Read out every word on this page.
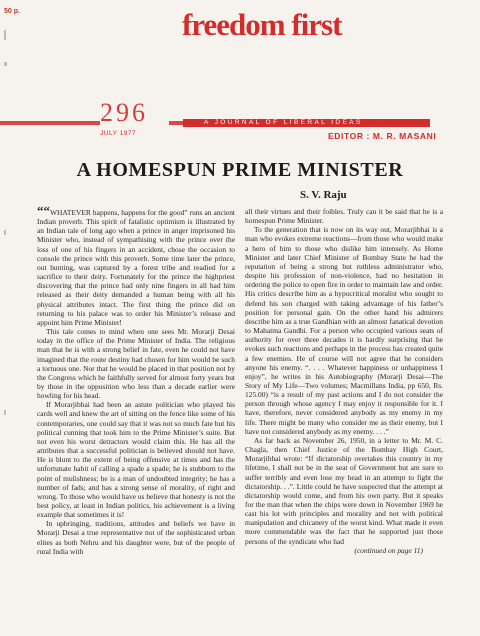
50 p.	freedom first
296	A JOURNAL OF LIBERAL IDEAS
JULY 1977	EDITOR : M. R. MASANI
A HOMESPUN PRIME MINISTER
S. V. Raju

““WHATEVER happens, happens for the good” runs an ancient Indian proverb. This spirit of fatalistic optimism is illustrated by an Indian tale of long ago when a prince in anger imprisoned his Minister who, instead of sympathising with the prince over the loss of one of his fingers in an accident, chose the occasion to console the prince with this proverb. Some time later the prince, out hunting, was captured by a forest tribe and readied for a sacrifice to their deity. Fortunately for the prince the highpriest discovering that the prince had only nine fingers in all had him released as their deity demanded a human being with all his physical attributes intact. The first thing the prince did on returning to his palace was to order his Minister’s release and appoint him Prime Minister!

This tale comes to mind when one sees Mr. Morarji Desai today in the office of the Prime Minister of India. The religious man that he is with a strong belief in fate, even he could not have imagined that the route destiny had chosen for him would be such a tortuous one. Nor that he would be placed in that position not by the Congress which he faithfully served for almost forty years but by those in the opposition who less than a decade earlier were howling for his head.

If Morarjibhai had been an astute politician who played his cards well and knew the art of sitting on the fence like some of his contemporaries, one could say that it was not so much fate but his political cunning that took him to the Prime Minister’s suite. But not even his worst detractors would claim this. He has all the attributes that a successful politician is believed should not have. He is blunt to the extent of being offensive at times and has the unfortunate habit of calling a spade a spade; he is stubborn to the point of mulishness; he is a man of undoubted integrity; he has a number of fads; and has a strong sense of morality, of right and wrong. To those who would have us believe that honesty is not the best policy, at least in Indian politics, his achievement is a living example that sometimes it is!

In upbringing, traditions, attitudes and beliefs we have in Morarji Desai a true representative not of the sophisticated urban elites as both Nehru and his daughter were, but of the people of rural India with

all their virtues and their foibles. Truly can it be said that he is a homespun Prime Minister.

To the generation that is now on its way out, Morarjibhai is a man who evokes extreme reactions—from those who would make a hero of him to those who dislike him intensely. As Home Minister and later Chief Minister of Bombay State he had the reputation of being a strong but ruthless administrator who, despite his profession of non-violence, had no hesitation in ordering the police to open fire in order to maintain law and order. His critics describe him as a hypocritical moralist who sought to defend his son charged with taking advantage of his father’s position for personal gain. On the other hand his admirers describe him as a true Gandhian with an almost fanatical devotion to Mahatma Gandhi. For a person who occupied various seats of authority for over three decades it is hardly surprising that he evokes such reactions and perhaps in the process has created quite a few enemies. He of course will not agree that he considers anyone his enemy. “. . . . Whatever happiness or unhappiness I enjoy”, he writes in his Autobiography (Morarji Desai—The Story of My Life—Two volumes; Macmillans India, pp 650, Rs. 125.00) “is a result of my past actions and I do not consider the person through whose agency I may enjoy it responsible for it. I have, therefore, never considered anybody as my enemy in my life. There might be many who consider me as their enemy, but I have not considered anybody as my enemy. . . .”

As far back as November 26, 1950, in a letter to Mr. M. C. Chagla, then Chief Justice of the Bombay High Court, Morarjibhai wrote: “If dictatorship overtakes this country in my lifetime, I shall not be in the seat of Government but am sure to suffer terribly and even lose my head in an attempt to fight the dictatorship. . .”. Little could he have suspected that the attempt at dictatorship would come, and from his own party. But it speaks for the man that when the chips were down in November 1969 he cast his lot with principles and morality and not with political manipulation and chicanery of the worst kind. What made it even more commendable was the fact that he supported just those persons of the syndicate who had

(continued on page 11)
